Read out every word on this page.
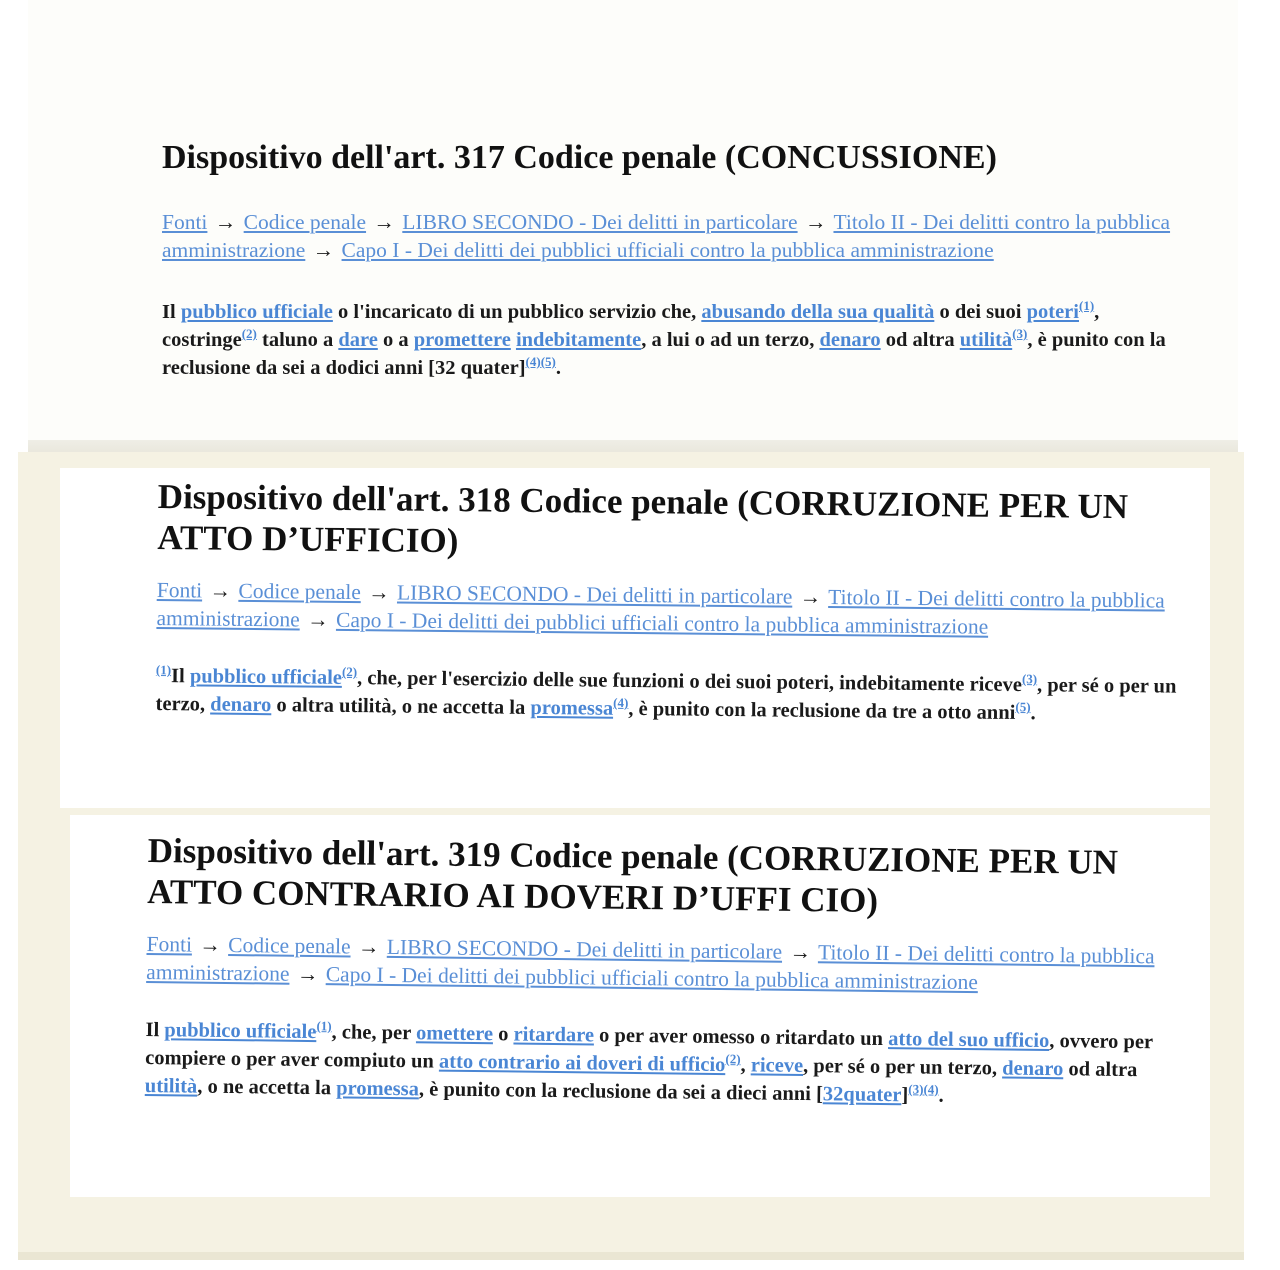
Dispositivo dell'art. 317 Codice penale (CONCUSSIONE)
Fonti → Codice penale → LIBRO SECONDO - Dei delitti in particolare → Titolo II - Dei delitti contro la pubblica amministrazione → Capo I - Dei delitti dei pubblici ufficiali contro la pubblica amministrazione

Il pubblico ufficiale o l'incaricato di un pubblico servizio che, abusando della sua qualità o dei suoi poteri$^{(1)}$, costringe$^{(2)}$ taluno a dare o a promettere indebitamente, a lui o ad un terzo, denaro od altra utilità$^{(3)}$, è punito con la reclusione da sei a dodici anni [32 quater]$^{(4)(5)}$.

Dispositivo dell'art. 318 Codice penale (CORRUZIONE PER UN ATTO D’UFFICIO)
Fonti → Codice penale → LIBRO SECONDO - Dei delitti in particolare → Titolo II - Dei delitti contro la pubblica amministrazione → Capo I - Dei delitti dei pubblici ufficiali contro la pubblica amministrazione

$^{(1)}$Il pubblico ufficiale$^{(2)}$, che, per l'esercizio delle sue funzioni o dei suoi poteri, indebitamente riceve$^{(3)}$, per sé o per un terzo, denaro o altra utilità, o ne accetta la promessa$^{(4)}$, è punito con la reclusione da tre a otto anni$^{(5)}$.

Dispositivo dell'art. 319 Codice penale (CORRUZIONE PER UN ATTO CONTRARIO AI DOVERI D’UFFI CIO)
Fonti → Codice penale → LIBRO SECONDO - Dei delitti in particolare → Titolo II - Dei delitti contro la pubblica amministrazione → Capo I - Dei delitti dei pubblici ufficiali contro la pubblica amministrazione

Il pubblico ufficiale$^{(1)}$, che, per omettere o ritardare o per aver omesso o ritardato un atto del suo ufficio, ovvero per compiere o per aver compiuto un atto contrario ai doveri di ufficio$^{(2)}$, riceve, per sé o per un terzo, denaro od altra utilità, o ne accetta la promessa, è punito con la reclusione da sei a dieci anni [32quater]$^{(3)(4)}$.
